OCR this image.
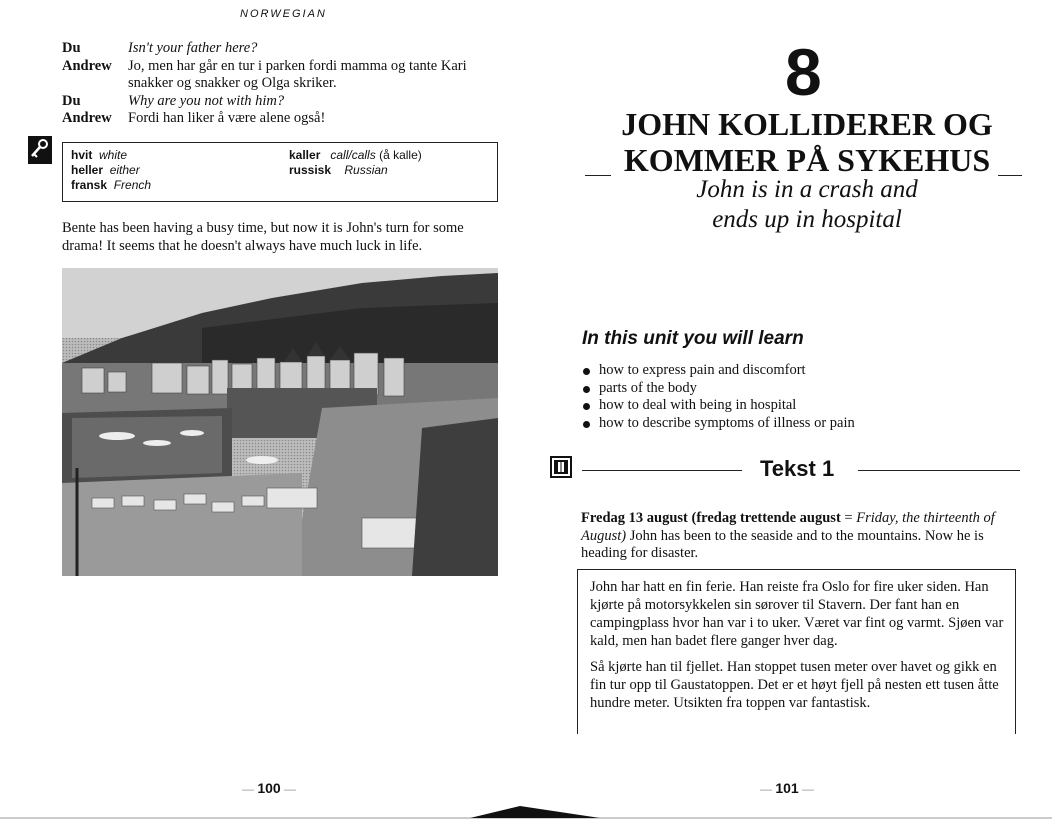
NORWEGIAN
Du	Isn't your father here?
Andrew	Jo, men har går en tur i parken fordi mamma og tante Kari snakker og snakker og Olga skriker.
Du	Why are you not with him?
Andrew	Fordi han liker å være alene også!
hvit white
heller either
fransk French
kaller call/calls (å kalle)
russisk Russian
Bente has been having a busy time, but now it is John's turn for some drama! It seems that he doesn't always have much luck in life.
— 100 —
8
JOHN KOLLIDERER OG
KOMMER PÅ SYKEHUS
John is in a crash and
ends up in hospital
In this unit you will learn
how to express pain and discomfort
parts of the body
how to deal with being in hospital
how to describe symptoms of illness or pain
Tekst 1
Fredag 13 august (fredag trettende august = Friday, the thirteenth of August) John has been to the seaside and to the mountains. Now he is heading for disaster.

John har hatt en fin ferie. Han reiste fra Oslo for fire uker siden. Han kjørte på motorsykkelen sin sørover til Stavern. Der fant han en campingplass hvor han var i to uker. Været var fint og varmt. Sjøen var kald, men han badet flere ganger hver dag.

Så kjørte han til fjellet. Han stoppet tusen meter over havet og gikk en fin tur opp til Gaustatoppen. Det er et høyt fjell på nesten ett tusen åtte hundre meter. Utsikten fra toppen var fantastisk.

— 101 —
